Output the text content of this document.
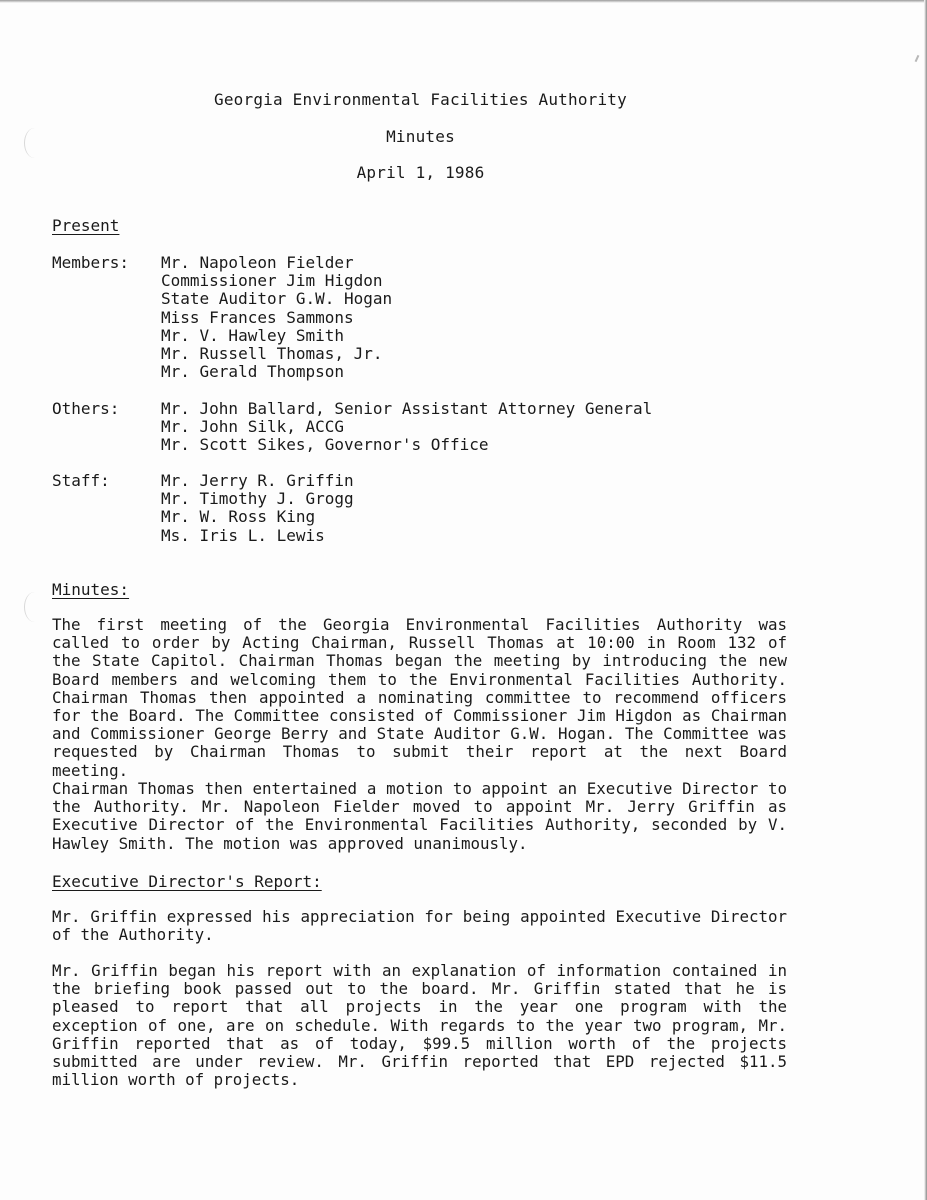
Georgia Environmental Facilities Authority
Minutes
April 1, 1986
Present
Members: Mr. Napoleon Fielder
Commissioner Jim Higdon
State Auditor G.W. Hogan
Miss Frances Sammons
Mr. V. Hawley Smith
Mr. Russell Thomas, Jr.
Mr. Gerald Thompson
Others:	Mr. John Ballard, Senior Assistant Attorney General
Mr. John Silk, ACCG
Mr. Scott Sikes, Governor's Office
Staff:	Mr. Jerry R. Griffin
Mr. Timothy J. Grogg
Mr. W. Ross King
Ms. Iris L. Lewis
Minutes:
The first meeting of the Georgia Environmental Facilities Authority was called to order by Acting Chairman, Russell Thomas at 10:00 in Room 132 of the State Capitol. Chairman Thomas began the meeting by introducing the new Board members and welcoming them to the Environmental Facilities Authority. Chairman Thomas then appointed a nominating committee to recommend officers for the Board. The Committee consisted of Commissioner Jim Higdon as Chairman and Commissioner George Berry and State Auditor G.W. Hogan. The Committee was requested by Chairman Thomas to submit their report at the next Board meeting.
Chairman Thomas then entertained a motion to appoint an Executive Director to the Authority. Mr. Napoleon Fielder moved to appoint Mr. Jerry Griffin as Executive Director of the Environmental Facilities Authority, seconded by V. Hawley Smith. The motion was approved unanimously.
Executive Director's Report:
Mr. Griffin expressed his appreciation for being appointed Executive Director of the Authority.
Mr. Griffin began his report with an explanation of information contained in the briefing book passed out to the board. Mr. Griffin stated that he is pleased to report that all projects in the year one program with the exception of one, are on schedule. With regards to the year two program, Mr. Griffin reported that as of today, $99.5 million worth of the projects submitted are under review. Mr. Griffin reported that EPD rejected $11.5 million worth of projects.
